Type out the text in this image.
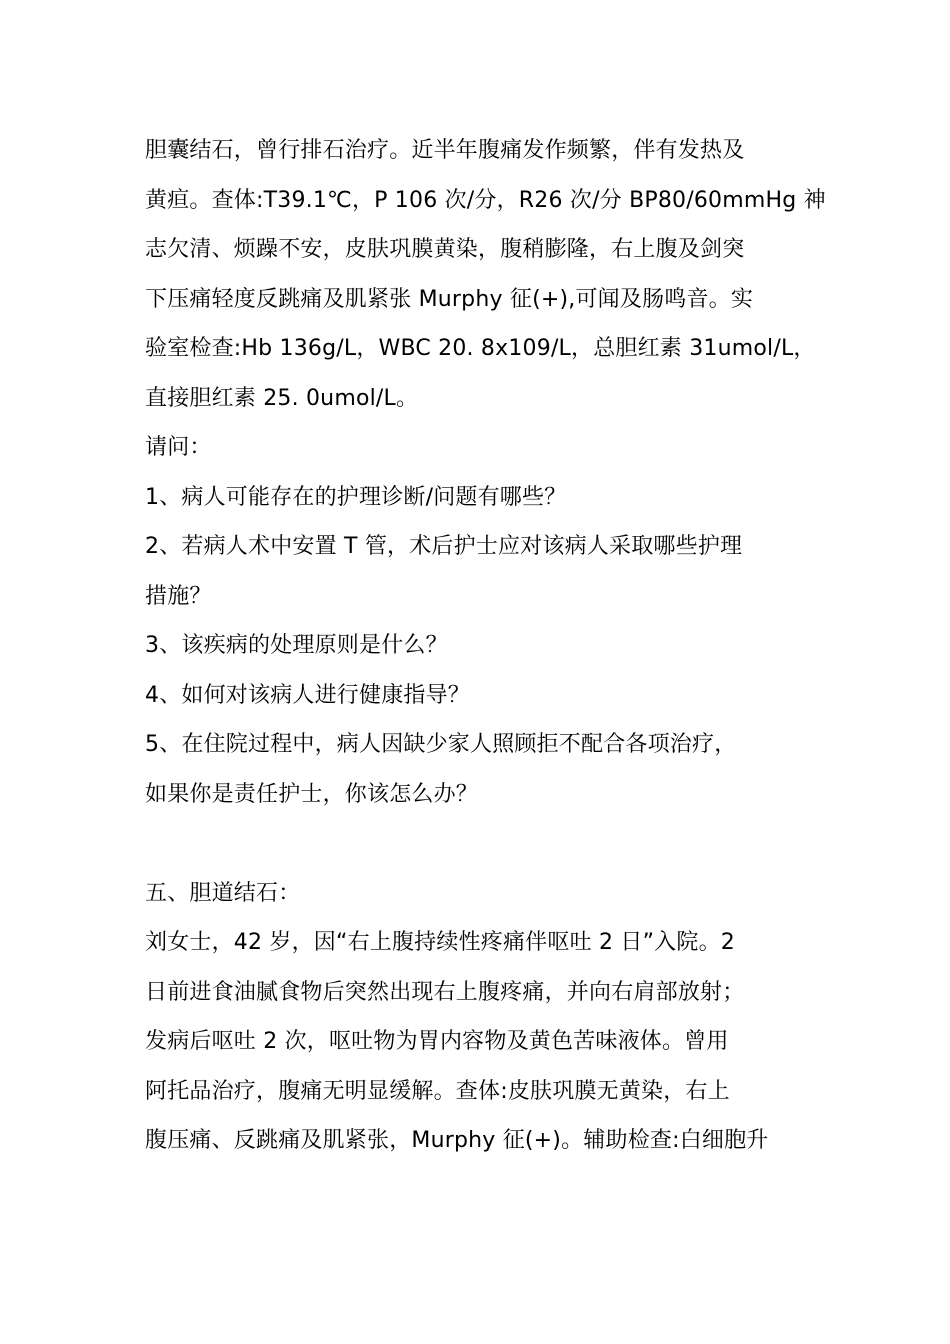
胆囊结石，曾行排石治疗。近半年腹痛发作频繁，伴有发热及
黄疸。查体:T39.1℃，P 106 次/分，R26 次/分 BP80/60mmHg 神
志欠清、烦躁不安，皮肤巩膜黄染，腹稍膨隆，右上腹及剑突
下压痛轻度反跳痛及肌紧张 Murphy 征(+),可闻及肠鸣音。实
验室检查:Hb 136g/L，WBC 20. 8x109/L，总胆红素 31umol/L，
直接胆红素 25. 0umol/L。
请问：
1、病人可能存在的护理诊断/问题有哪些？
2、若病人术中安置 T 管，术后护士应对该病人采取哪些护理
措施？
3、该疾病的处理原则是什么？
4、如何对该病人进行健康指导？
5、在住院过程中，病人因缺少家人照顾拒不配合各项治疗，
如果你是责任护士，你该怎么办？
五、胆道结石：
刘女士，42 岁，因“右上腹持续性疼痛伴呕吐 2 日”入院。2
日前进食油腻食物后突然出现右上腹疼痛，并向右肩部放射；
发病后呕吐 2 次，呕吐物为胃内容物及黄色苦味液体。曾用
阿托品治疗，腹痛无明显缓解。查体:皮肤巩膜无黄染，右上
腹压痛、反跳痛及肌紧张，Murphy 征(+)。辅助检查:白细胞升
